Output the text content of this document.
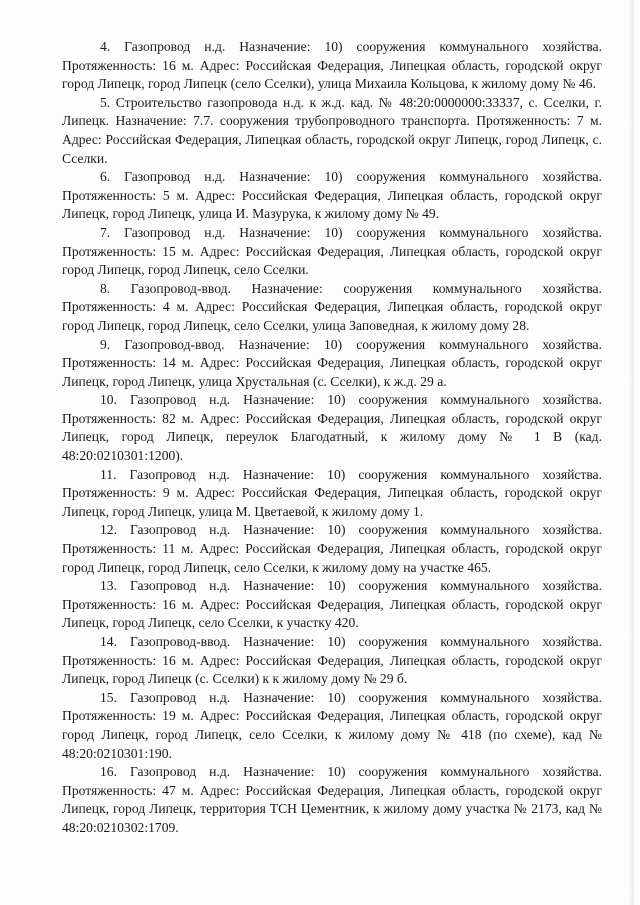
4. Газопровод н.д. Назначение: 10) сооружения коммунального хозяйства. Протяженность: 16 м. Адрес: Российская Федерация, Липецкая область, городской округ город Липецк, город Липецк (село Сселки), улица Михаила Кольцова, к жилому дому № 46.

5. Строительство газопровода н.д. к ж.д. кад. № 48:20:0000000:33337, с. Сселки, г. Липецк. Назначение: 7.7. сооружения трубопроводного транспорта. Протяженность: 7 м. Адрес: Российская Федерация, Липецкая область, городской округ Липецк, город Липецк, с. Сселки.

6. Газопровод н.д. Назначение: 10) сооружения коммунального хозяйства. Протяженность: 5 м. Адрес: Российская Федерация, Липецкая область, городской округ Липецк, город Липецк, улица И. Мазурука, к жилому дому № 49.

7. Газопровод н.д. Назначение: 10) сооружения коммунального хозяйства. Протяженность: 15 м. Адрес: Российская Федерация, Липецкая область, городской округ город Липецк, город Липецк, село Сселки.

8. Газопровод-ввод. Назначение: сооружения коммунального хозяйства. Протяженность: 4 м. Адрес: Российская Федерация, Липецкая область, городской округ город Липецк, город Липецк, село Сселки, улица Заповедная, к жилому дому 28.

9. Газопровод-ввод. Назначение: 10) сооружения коммунального хозяйства. Протяженность: 14 м. Адрес: Российская Федерация, Липецкая область, городской округ Липецк, город Липецк, улица Хрустальная (с. Сселки), к ж.д. 29 а.

10. Газопровод н.д. Назначение: 10) сооружения коммунального хозяйства. Протяженность: 82 м. Адрес: Российская Федерация, Липецкая область, городской округ Липецк, город Липецк, переулок Благодатный, к жилому дому № 1 В (кад. 48:20:0210301:1200).

11. Газопровод н.д. Назначение: 10) сооружения коммунального хозяйства. Протяженность: 9 м. Адрес: Российская Федерация, Липецкая область, городской округ Липецк, город Липецк, улица М. Цветаевой, к жилому дому 1.

12. Газопровод н.д. Назначение: 10) сооружения коммунального хозяйства. Протяженность: 11 м. Адрес: Российская Федерация, Липецкая область, городской округ город Липецк, город Липецк, село Сселки, к жилому дому на участке 465.

13. Газопровод н.д. Назначение: 10) сооружения коммунального хозяйства. Протяженность: 16 м. Адрес: Российская Федерация, Липецкая область, городской округ Липецк, город Липецк, село Сселки, к участку 420.

14. Газопровод-ввод. Назначение: 10) сооружения коммунального хозяйства. Протяженность: 16 м. Адрес: Российская Федерация, Липецкая область, городской округ Липецк, город Липецк (с. Сселки) к к жилому дому № 29 б.

15. Газопровод н.д. Назначение: 10) сооружения коммунального хозяйства. Протяженность: 19 м. Адрес: Российская Федерация, Липецкая область, городской округ город Липецк, город Липецк, село Сселки, к жилому дому № 418 (по схеме), кад № 48:20:0210301:190.

16. Газопровод н.д. Назначение: 10) сооружения коммунального хозяйства. Протяженность: 47 м. Адрес: Российская Федерация, Липецкая область, городской округ Липецк, город Липецк, территория ТСН Цементник, к жилому дому участка № 2173, кад № 48:20:0210302:1709.
